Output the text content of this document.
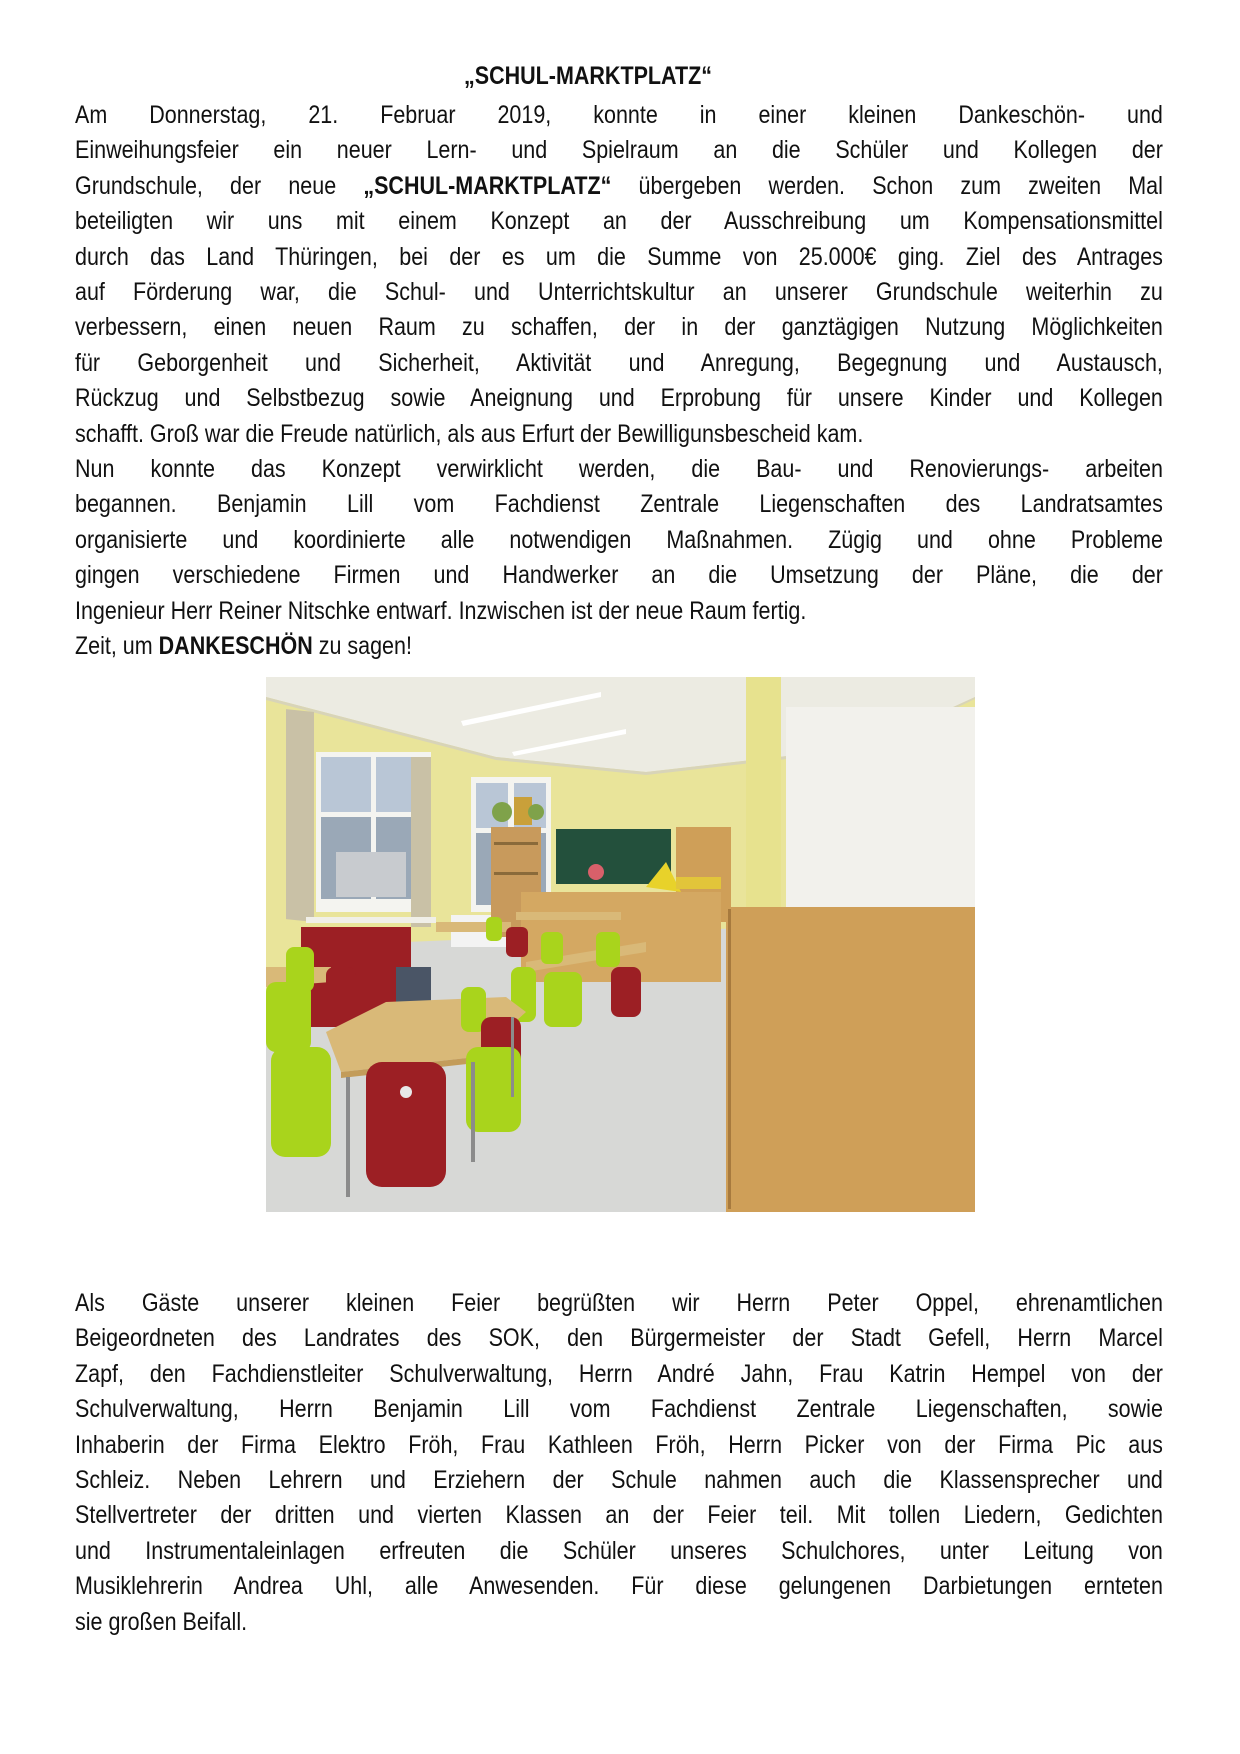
„SCHUL-MARKTPLATZ“
Am Donnerstag, 21. Februar 2019, konnte in einer kleinen Dankeschön- und
Einweihungsfeier ein neuer Lern- und Spielraum an die Schüler und Kollegen der
Grundschule, der neue „SCHUL-MARKTPLATZ“ übergeben werden. Schon zum zweiten Mal
beteiligten wir uns mit einem Konzept an der Ausschreibung um Kompensationsmittel
durch das Land Thüringen, bei der es um die Summe von 25.000€ ging. Ziel des Antrages
auf Förderung war, die Schul- und Unterrichtskultur an unserer Grundschule weiterhin zu
verbessern, einen neuen Raum zu schaffen, der in der ganztägigen Nutzung Möglichkeiten
für Geborgenheit und Sicherheit, Aktivität und Anregung, Begegnung und Austausch,
Rückzug und Selbstbezug sowie Aneignung und Erprobung für unsere Kinder und Kollegen
schafft. Groß war die Freude natürlich, als aus Erfurt der Bewilligunsbescheid kam.
Nun konnte das Konzept verwirklicht werden, die Bau- und Renovierungs- arbeiten
begannen. Benjamin Lill vom Fachdienst Zentrale Liegenschaften des Landratsamtes
organisierte und koordinierte alle notwendigen Maßnahmen. Zügig und ohne Probleme
gingen verschiedene Firmen und Handwerker an die Umsetzung der Pläne, die der
Ingenieur Herr Reiner Nitschke entwarf. Inzwischen ist der neue Raum fertig.
Zeit, um DANKESCHÖN zu sagen!
Als Gäste unserer kleinen Feier begrüßten wir Herrn Peter Oppel, ehrenamtlichen
Beigeordneten des Landrates des SOK, den Bürgermeister der Stadt Gefell, Herrn Marcel
Zapf, den Fachdienstleiter Schulverwaltung, Herrn André Jahn, Frau Katrin Hempel von der
Schulverwaltung, Herrn Benjamin Lill vom Fachdienst Zentrale Liegenschaften, sowie
Inhaberin der Firma Elektro Fröh, Frau Kathleen Fröh, Herrn Picker von der Firma Pic aus
Schleiz. Neben Lehrern und Erziehern der Schule nahmen auch die Klassensprecher und
Stellvertreter der dritten und vierten Klassen an der Feier teil. Mit tollen Liedern, Gedichten
und Instrumentaleinlagen erfreuten die Schüler unseres Schulchores, unter Leitung von
Musiklehrerin Andrea Uhl, alle Anwesenden. Für diese gelungenen Darbietungen ernteten
sie großen Beifall.
